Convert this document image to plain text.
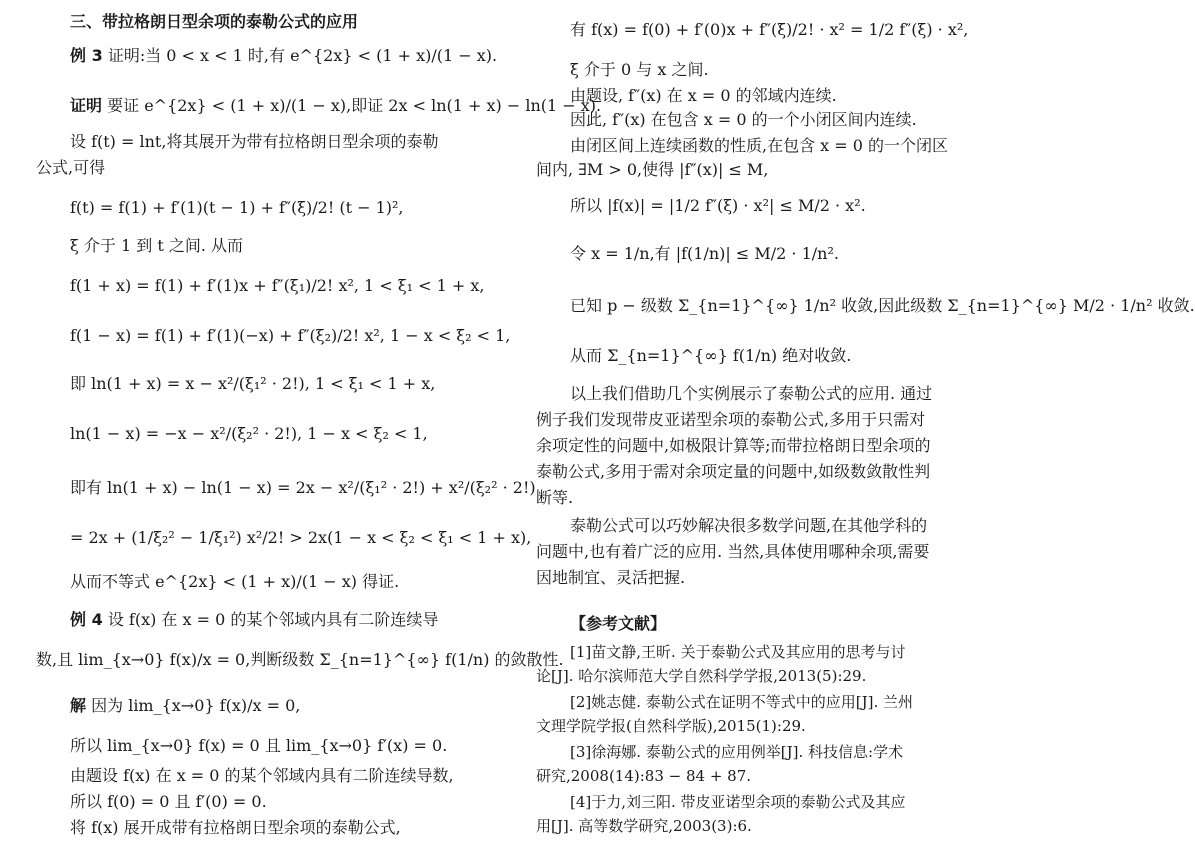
三、带拉格朗日型余项的泰勒公式的应用
例 3 证明:当 0 < x < 1 时,有 e^{2x} < (1 + x)/(1 − x).
证明 要证 e^{2x} < (1 + x)/(1 − x),即证 2x < ln(1 + x) − ln(1 − x).
设 f(t) = lnt,将其展开为带有拉格朗日型余项的泰勒
公式,可得
f(t) = f(1) + f′(1)(t − 1) + f″(ξ)/2! (t − 1)²,
ξ 介于 1 到 t 之间. 从而
f(1 + x) = f(1) + f′(1)x + f″(ξ₁)/2! x², 1 < ξ₁ < 1 + x,
f(1 − x) = f(1) + f′(1)(−x) + f″(ξ₂)/2! x², 1 − x < ξ₂ < 1,
即 ln(1 + x) = x − x²/(ξ₁² · 2!), 1 < ξ₁ < 1 + x,
ln(1 − x) = −x − x²/(ξ₂² · 2!), 1 − x < ξ₂ < 1,
即有 ln(1 + x) − ln(1 − x) = 2x − x²/(ξ₁² · 2!) + x²/(ξ₂² · 2!)
= 2x + (1/ξ₂² − 1/ξ₁²) x²/2! > 2x(1 − x < ξ₂ < ξ₁ < 1 + x),
从而不等式 e^{2x} < (1 + x)/(1 − x) 得证.
例 4 设 f(x) 在 x = 0 的某个邻域内具有二阶连续导
数,且 lim_{x→0} f(x)/x = 0,判断级数 Σ_{n=1}^{∞} f(1/n) 的敛散性.
解 因为 lim_{x→0} f(x)/x = 0,
所以 lim_{x→0} f(x) = 0 且 lim_{x→0} f′(x) = 0.
由题设 f(x) 在 x = 0 的某个邻域内具有二阶连续导数,
所以 f(0) = 0 且 f′(0) = 0.
将 f(x) 展开成带有拉格朗日型余项的泰勒公式,
有 f(x) = f(0) + f′(0)x + f″(ξ)/2! · x² = 1/2 f″(ξ) · x²,
ξ 介于 0 与 x 之间.
由题设, f″(x) 在 x = 0 的邻域内连续.
因此, f″(x) 在包含 x = 0 的一个小闭区间内连续.
由闭区间上连续函数的性质,在包含 x = 0 的一个闭区
间内, ∃M > 0,使得 |f″(x)| ≤ M,
所以 |f(x)| = |1/2 f″(ξ) · x²| ≤ M/2 · x².
令 x = 1/n,有 |f(1/n)| ≤ M/2 · 1/n².
已知 p − 级数 Σ_{n=1}^{∞} 1/n² 收敛,因此级数 Σ_{n=1}^{∞} M/2 · 1/n² 收敛.
从而 Σ_{n=1}^{∞} f(1/n) 绝对收敛.
以上我们借助几个实例展示了泰勒公式的应用. 通过
例子我们发现带皮亚诺型余项的泰勒公式,多用于只需对
余项定性的问题中,如极限计算等;而带拉格朗日型余项的
泰勒公式,多用于需对余项定量的问题中,如级数敛散性判
断等.
泰勒公式可以巧妙解决很多数学问题,在其他学科的
问题中,也有着广泛的应用. 当然,具体使用哪种余项,需要
因地制宜、灵活把握.
【参考文献】
[1]苗文静,王昕. 关于泰勒公式及其应用的思考与讨
论[J]. 哈尔滨师范大学自然科学学报,2013(5):29.
[2]姚志健. 泰勒公式在证明不等式中的应用[J]. 兰州
文理学院学报(自然科学版),2015(1):29.
[3]徐海娜. 泰勒公式的应用例举[J]. 科技信息:学术
研究,2008(14):83 − 84 + 87.
[4]于力,刘三阳. 带皮亚诺型余项的泰勒公式及其应
用[J]. 高等数学研究,2003(3):6.
